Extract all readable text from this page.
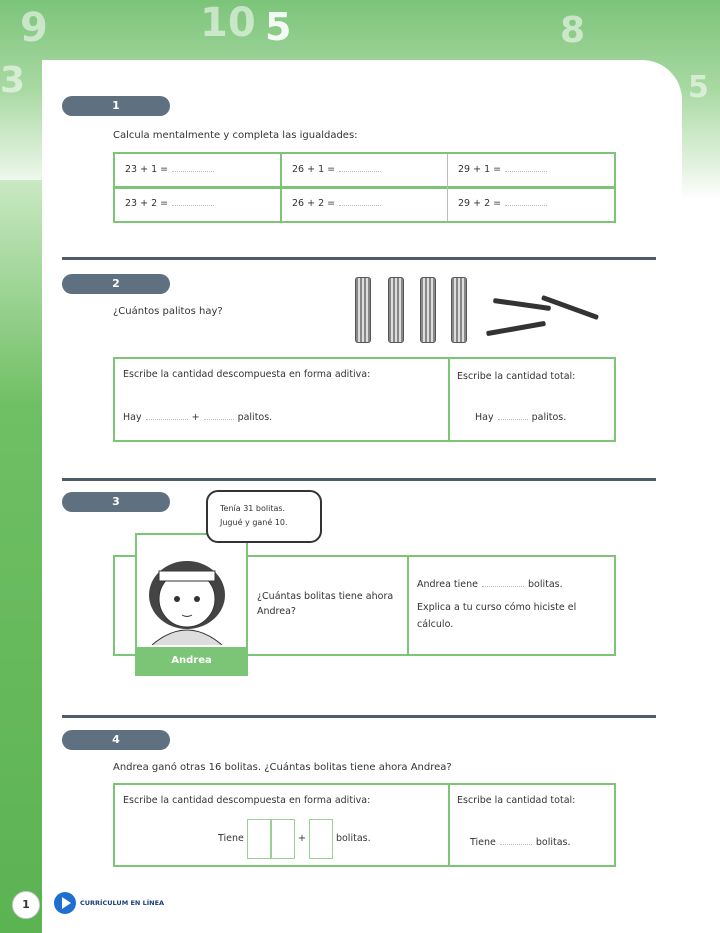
9	10 5	8
5
3
1
Calcula mentalmente y completa las igualdades:
23 + 1 =	26 + 1 =	29 + 1 =
23 + 2 =	26 + 2 =	29 + 2 =
2
¿Cuántos palitos hay?
Escribe la cantidad descompuesta en forma aditiva:
Hay	+	palitos.
Escribe la cantidad total:
Hay	palitos.
3
¿Cuántas bolitas tiene ahora Andrea?
Andrea tiene	bolitas.
Explica a tu curso cómo hiciste el cálculo.
Andrea
Tenía 31 bolitas. Jugué y gané 10.
4
Andrea ganó otras 16 bolitas. ¿Cuántas bolitas tiene ahora Andrea?
Escribe la cantidad descompuesta en forma aditiva:
Tiene	+	bolitas.
Escribe la cantidad total:
Tiene	bolitas.
1	CURRÍCULUM EN LÍNEA
